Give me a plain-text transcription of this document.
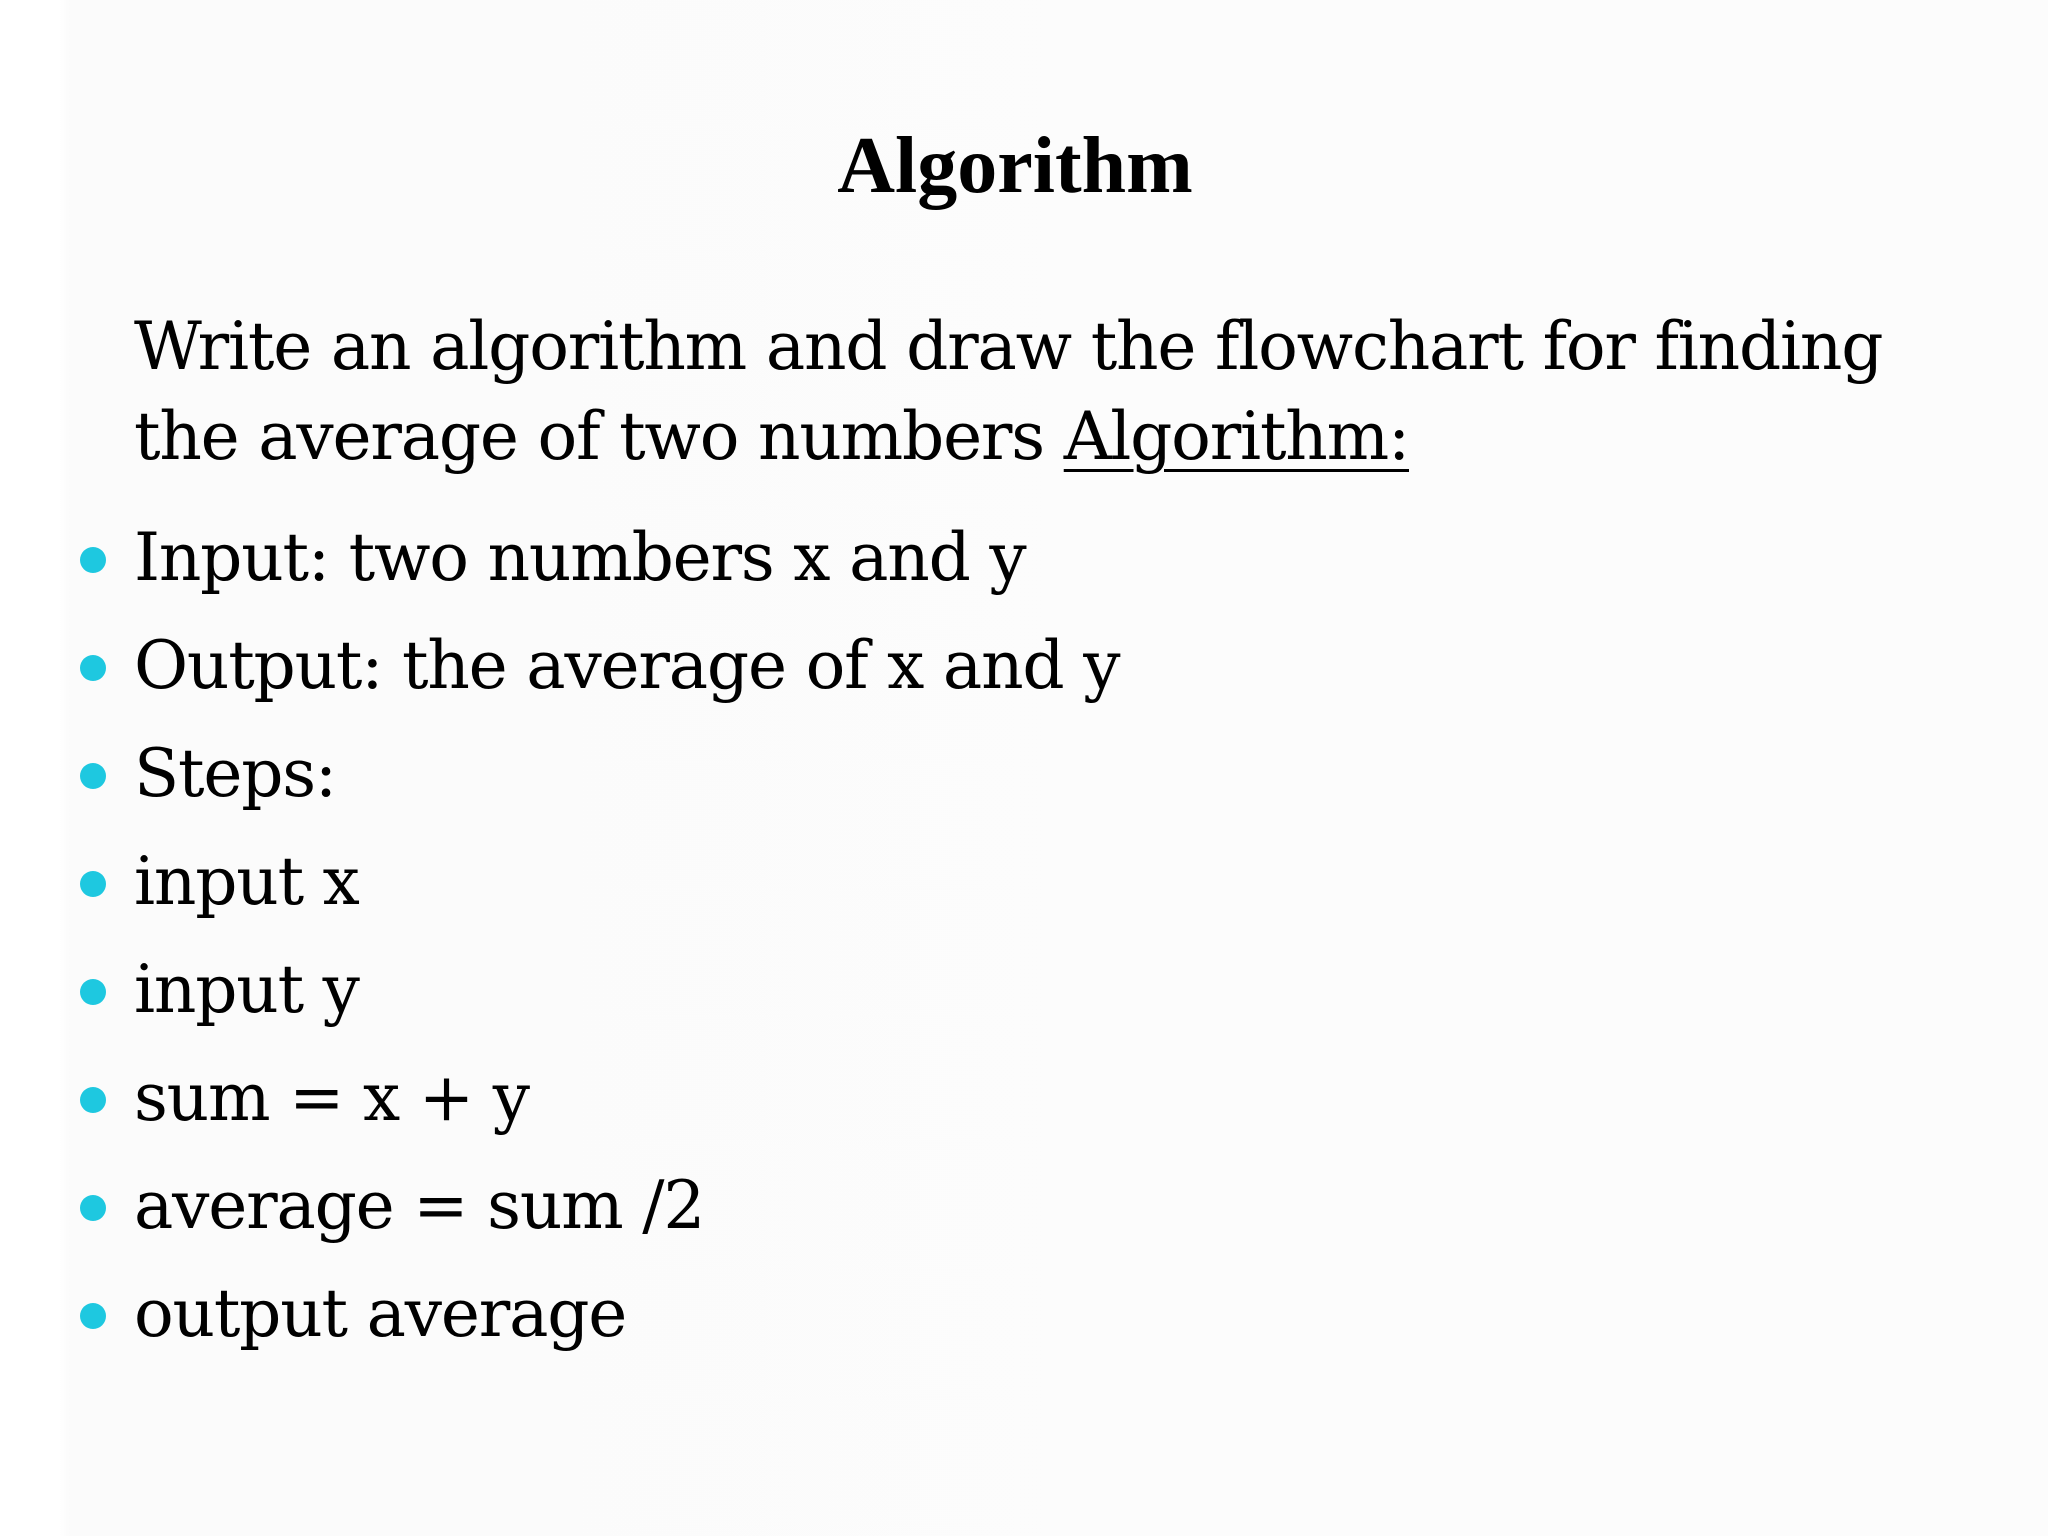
Algorithm

Write an algorithm and draw the flowchart for finding the average of two numbers Algorithm:

Input: two numbers x and y
Output: the average of x and y
Steps:
input x
input y
sum = x + y
average = sum /2
output average
